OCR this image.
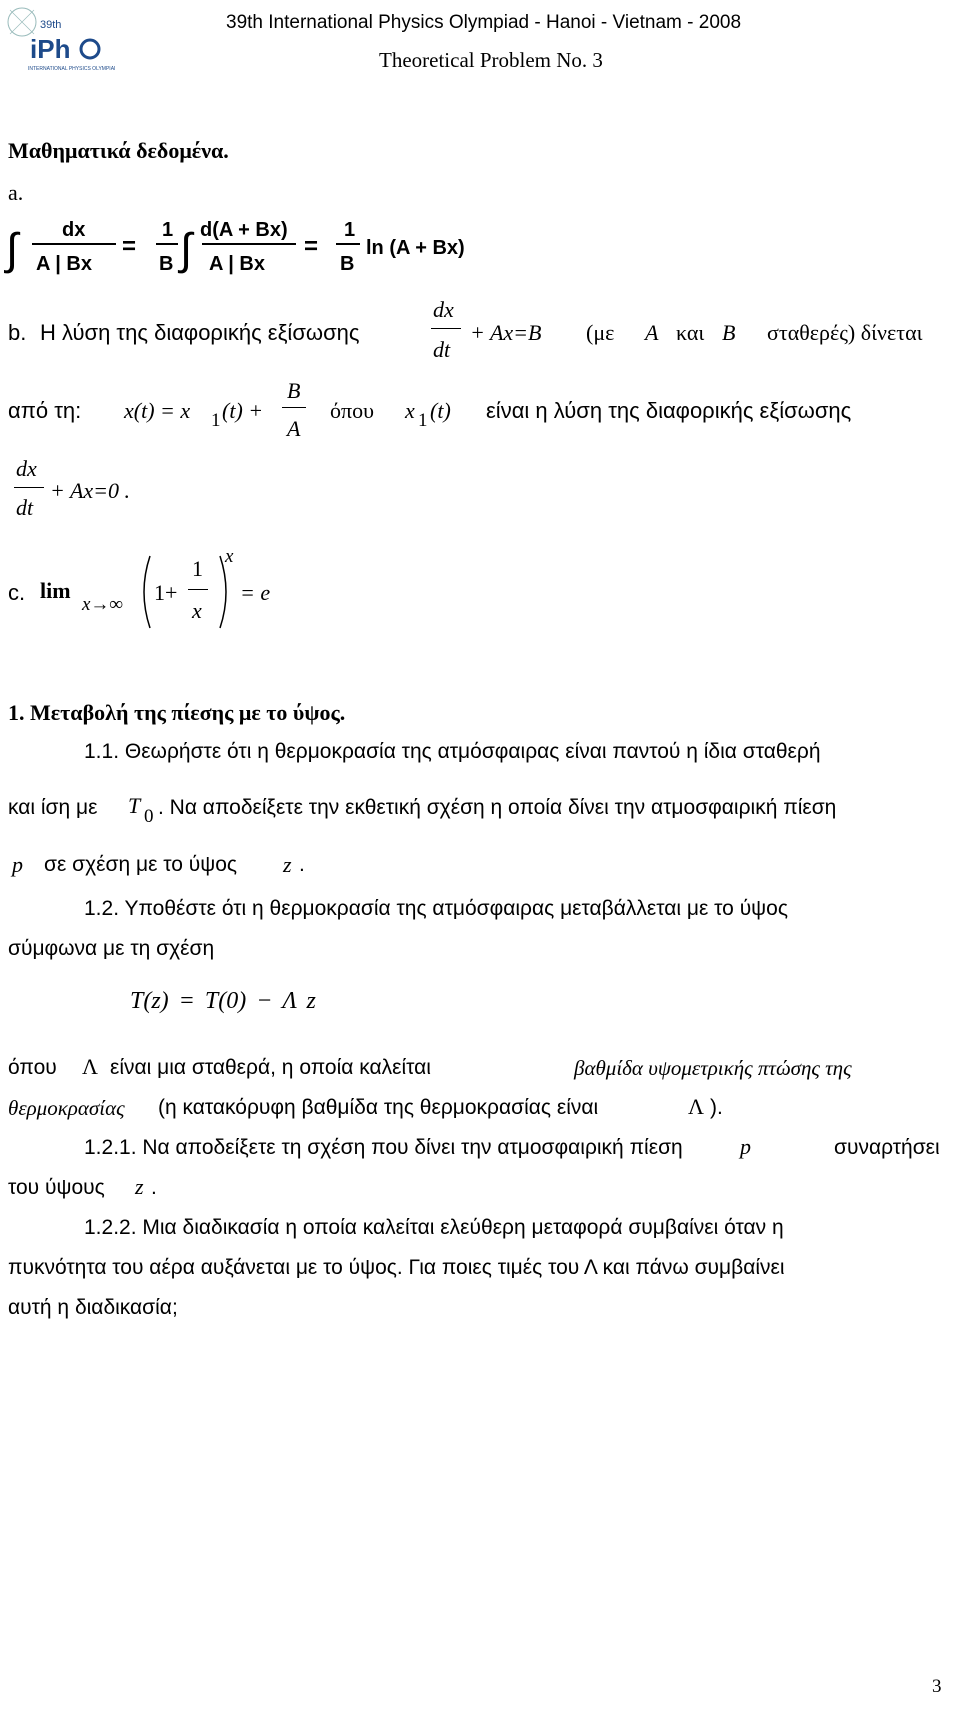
39th
iPh
INTERNATIONAL PHYSICS OLYMPIAD
39th International Physics Olympiad - Hanoi - Vietnam - 2008
Theoretical Problem No. 3
Μαθηματικά δεδομένα.
a.
∫ dx
A | Bx
=
1
B ∫ d(A + Bx)
A | Bx
=
1
B
ln (A + Bx)
b. Η λύση της διαφορικής εξίσωσης
dx
dt
+ Ax=B (με A και B σταθερές) δίνεται
από τη: x(t) = x 1 (t) +
B
A
όπου x 1 (t) είναι η λύση της διαφορικής εξίσωσης
dx
dt
+ Ax=0 .
c. lim
x→∞ 1+
1
x
x
= e
1. Μεταβολή της πίεσης με το ύψος.
1.1. Θεωρήστε ότι η θερμοκρασία της ατμόσφαιρας είναι παντού η ίδια σταθερή
και ίση με T 0 . Να αποδείξετε την εκθετική σχέση η οποία δίνει την ατμοσφαιρική πίεση
p σε σχέση με το ύψος z .
1.2. Υποθέστε ότι η θερμοκρασία της ατμόσφαιρας μεταβάλλεται με το ύψος
σύμφωνα με τη σχέση
T(z) = T(0) − Λ z
όπου Λ είναι μια σταθερά, η οποία καλείται	βαθμίδα υψομετρικής πτώσης της
θερμοκρασίας (η κατακόρυφη βαθμίδα της θερμοκρασίας είναι	Λ ).
1.2.1. Να αποδείξετε τη σχέση που δίνει την ατμοσφαιρική πίεση	p	συναρτήσει
του ύψους z .
1.2.2. Μια διαδικασία η οποία καλείται ελεύθερη μεταφορά συμβαίνει όταν η
πυκνότητα του αέρα αυξάνεται με το ύψος. Για ποιες τιμές του Λ και πάνω συμβαίνει
αυτή η διαδικασία;
3
